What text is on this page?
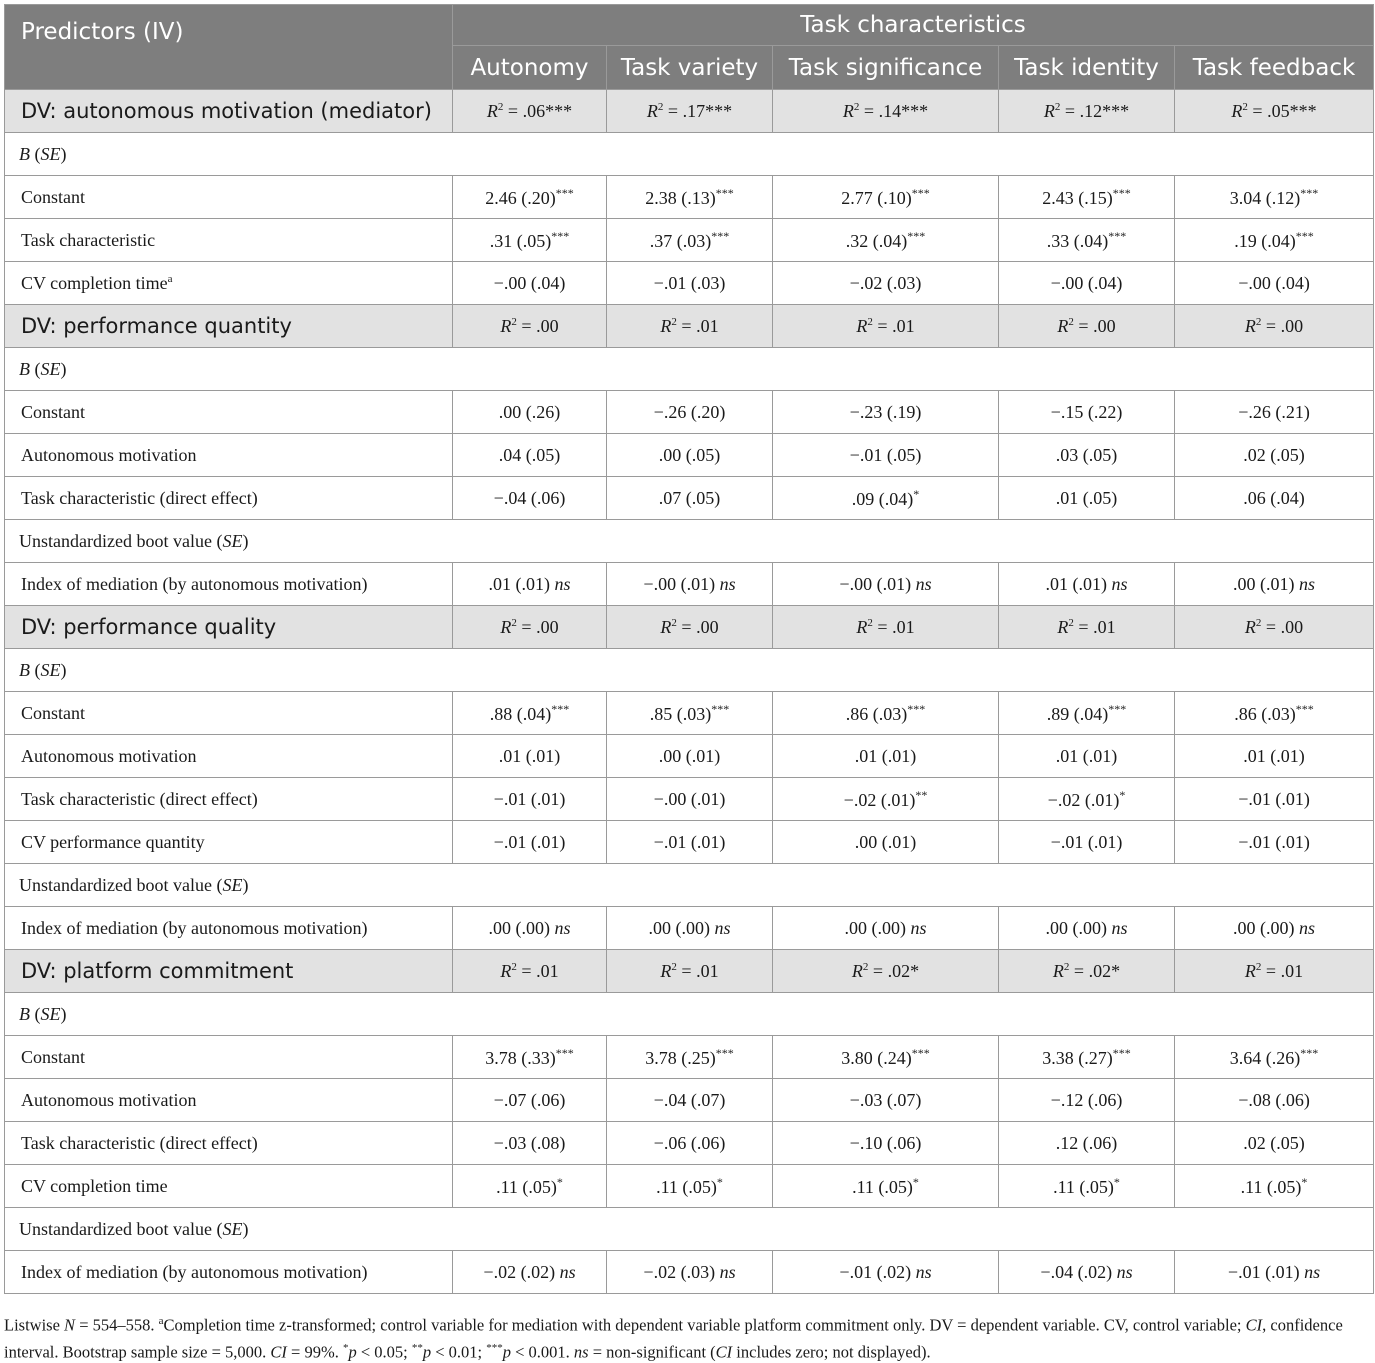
Predictors (IV)	Task characteristics				
	Autonomy	Task variety	Task significance	Task identity	Task feedback
DV: autonomous motivation (mediator)	$R^2 = .06***$	$R^2 = .17***$	$R^2 = .14***$	$R^2 = .12***$	$R^2 = .05***$
B (SE)					
Constant	2.46 (.20)***	2.38 (.13)***	2.77 (.10)***	2.43 (.15)***	3.04 (.12)***
Task characteristic	.31 (.05)***	.37 (.03)***	.32 (.04)***	.33 (.04)***	.19 (.04)***
CV completion time$^a$	−.00 (.04)	−.01 (.03)	−.02 (.03)	−.00 (.04)	−.00 (.04)
DV: performance quantity	$R^2 = .00$	$R^2 = .01$	$R^2 = .01$	$R^2 = .00$	$R^2 = .00$
B (SE)					
Constant	.00 (.26)	−.26 (.20)	−.23 (.19)	−.15 (.22)	−.26 (.21)
Autonomous motivation	.04 (.05)	.00 (.05)	−.01 (.05)	.03 (.05)	.02 (.05)
Task characteristic (direct effect)	−.04 (.06)	.07 (.05)	.09 (.04)*	.01 (.05)	.06 (.04)
Unstandardized boot value (SE)					
Index of mediation (by autonomous motivation)	.01 (.01) ns	−.00 (.01) ns	−.00 (.01) ns	.01 (.01) ns	.00 (.01) ns
DV: performance quality	$R^2 = .00$	$R^2 = .00$	$R^2 = .01$	$R^2 = .01$	$R^2 = .00$
B (SE)					
Constant	.88 (.04)***	.85 (.03)***	.86 (.03)***	.89 (.04)***	.86 (.03)***
Autonomous motivation	.01 (.01)	.00 (.01)	.01 (.01)	.01 (.01)	.01 (.01)
Task characteristic (direct effect)	−.01 (.01)	−.00 (.01)	−.02 (.01)**	−.02 (.01)*	−.01 (.01)
CV performance quantity	−.01 (.01)	−.01 (.01)	.00 (.01)	−.01 (.01)	−.01 (.01)
Unstandardized boot value (SE)					
Index of mediation (by autonomous motivation)	.00 (.00) ns	.00 (.00) ns	.00 (.00) ns	.00 (.00) ns	.00 (.00) ns
DV: platform commitment	$R^2 = .01$	$R^2 = .01$	$R^2 = .02*$	$R^2 = .02*$	$R^2 = .01$
B (SE)					
Constant	3.78 (.33)***	3.78 (.25)***	3.80 (.24)***	3.38 (.27)***	3.64 (.26)***
Autonomous motivation	−.07 (.06)	−.04 (.07)	−.03 (.07)	−.12 (.06)	−.08 (.06)
Task characteristic (direct effect)	−.03 (.08)	−.06 (.06)	−.10 (.06)	.12 (.06)	.02 (.05)
CV completion time	.11 (.05)*	.11 (.05)*	.11 (.05)*	.11 (.05)*	.11 (.05)*
Unstandardized boot value (SE)					
Index of mediation (by autonomous motivation)	−.02 (.02) ns	−.02 (.03) ns	−.01 (.02) ns	−.04 (.02) ns	−.01 (.01) ns
Listwise N = 554–558. $^a$Completion time z-transformed; control variable for mediation with dependent variable platform commitment only. DV = dependent variable. CV, control variable; CI, confidence interval. Bootstrap sample size = 5,000. CI = 99%. *p < 0.05; **p < 0.01; ***p < 0.001. ns = non-significant (CI includes zero; not displayed).
